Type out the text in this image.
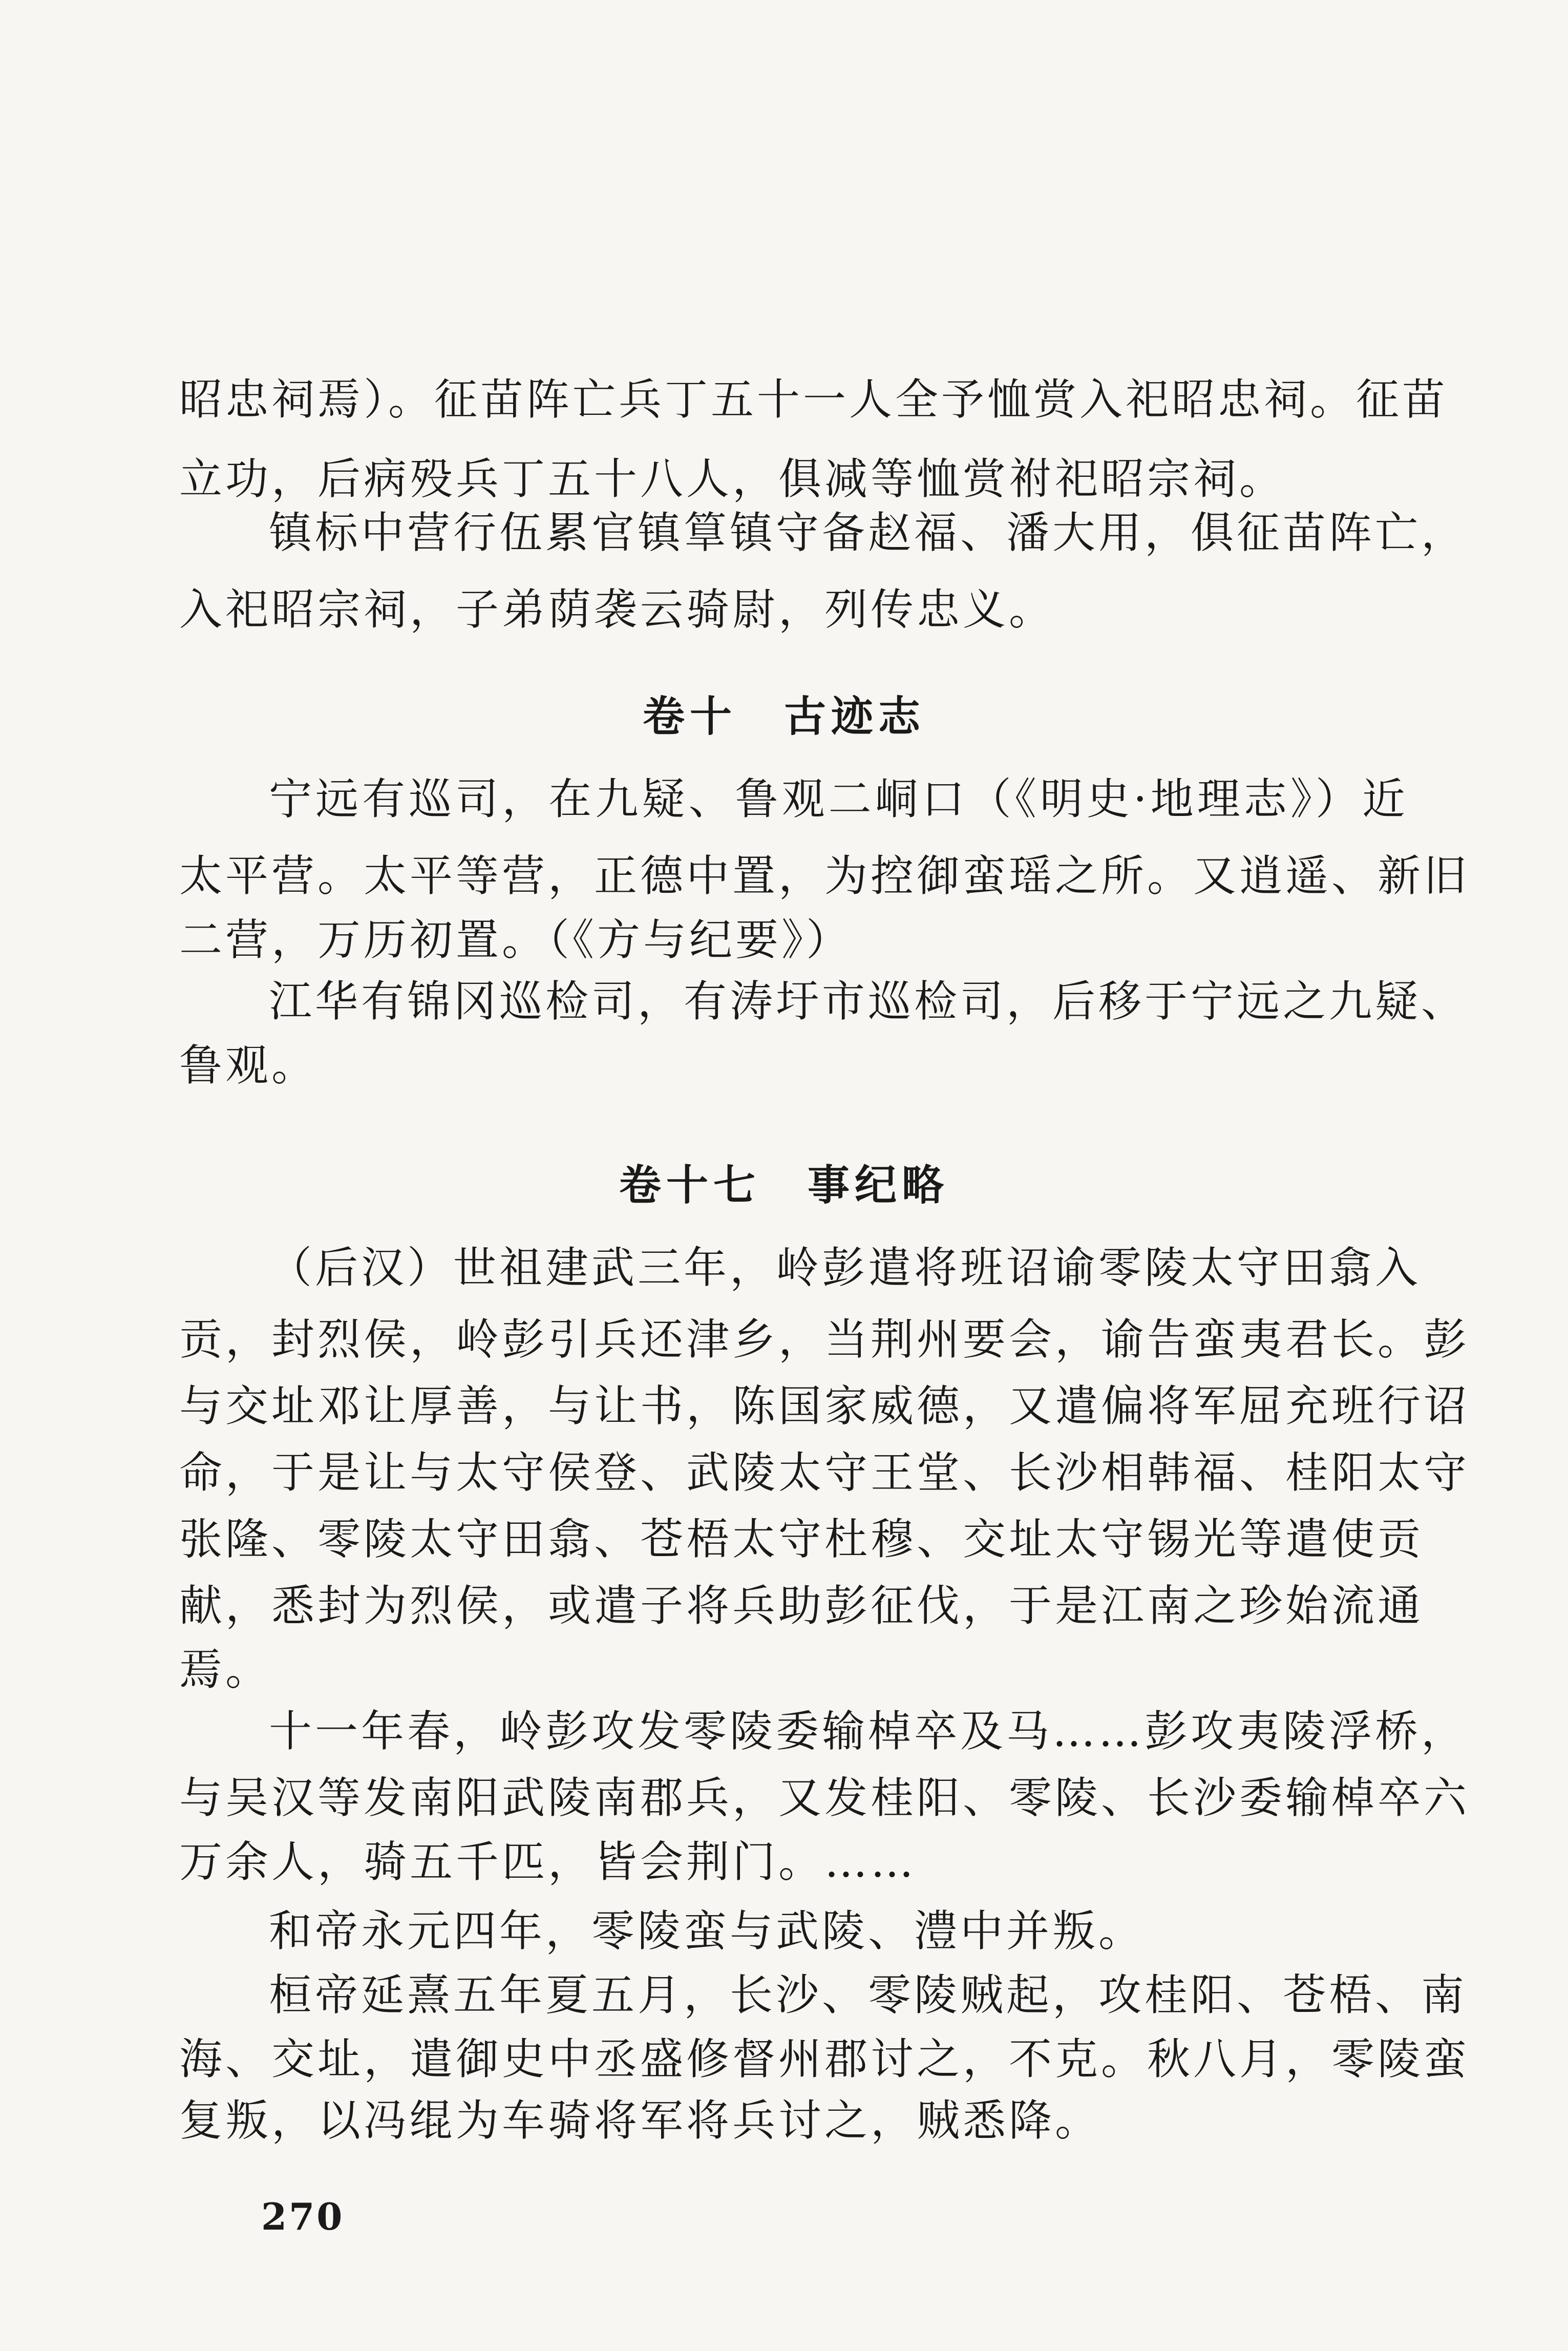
昭忠祠焉）。征苗阵亡兵丁五十一人全予恤赏入祀昭忠祠。征苗
立功，后病殁兵丁五十八人，俱减等恤赏祔祀昭宗祠。
镇标中营行伍累官镇筸镇守备赵福、潘大用，俱征苗阵亡，
入祀昭宗祠，子弟荫袭云骑尉，列传忠义。
卷十　古迹志
宁远有巡司，在九疑、鲁观二峒口（《明史·地理志》）近
太平营。太平等营，正德中置，为控御蛮瑶之所。又逍遥、新旧
二营，万历初置。（《方与纪要》）
江华有锦冈巡检司，有涛圩市巡检司，后移于宁远之九疑、
鲁观。
卷十七　事纪略
（后汉）世祖建武三年，岭彭遣将班诏谕零陵太守田翕入
贡，封烈侯，岭彭引兵还津乡，当荆州要会，谕告蛮夷君长。彭
与交址邓让厚善，与让书，陈国家威德，又遣偏将军屈充班行诏
命，于是让与太守侯登、武陵太守王堂、长沙相韩福、桂阳太守
张隆、零陵太守田翕、苍梧太守杜穆、交址太守锡光等遣使贡
献，悉封为烈侯，或遣子将兵助彭征伐，于是江南之珍始流通
焉。
十一年春，岭彭攻发零陵委输棹卒及马……彭攻夷陵浮桥，
与吴汉等发南阳武陵南郡兵，又发桂阳、零陵、长沙委输棹卒六
万余人，骑五千匹，皆会荆门。……
和帝永元四年，零陵蛮与武陵、澧中并叛。
桓帝延熹五年夏五月，长沙、零陵贼起，攻桂阳、苍梧、南
海、交址，遣御史中丞盛修督州郡讨之，不克。秋八月，零陵蛮
复叛，以冯绲为车骑将军将兵讨之，贼悉降。
270
